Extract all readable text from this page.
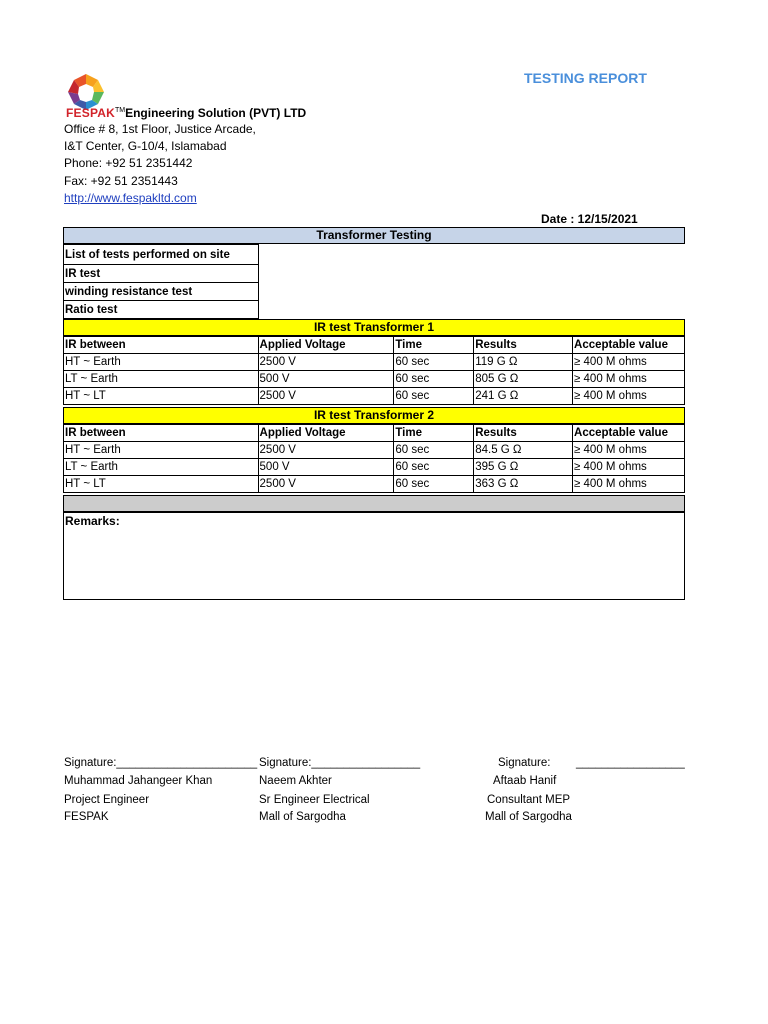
FESPAK™Engineering Solution (PVT) LTD
Office # 8, 1st Floor, Justice Arcade,
I&T Center, G-10/4, Islamabad
Phone: +92 51 2351442
Fax: +92 51 2351443
http://www.fespakltd.com
TESTING REPORT
Date : 12/15/2021
Transformer Testing
List of tests performed on site
IR test
winding resistance test
Ratio test
IR test Transformer 1
IR between	Applied Voltage	Time	Results	Acceptable value
HT ~ Earth	2500 V	60 sec	119 G Ω	≥ 400 M ohms
LT ~ Earth	500 V	60 sec	805 G Ω	≥ 400 M ohms
HT ~ LT	2500 V	60 sec	241 G Ω	≥ 400 M ohms
IR test Transformer 2
IR between	Applied Voltage	Time	Results	Acceptable value
HT ~ Earth	2500 V	60 sec	84.5 G Ω	≥ 400 M ohms
LT ~ Earth	500 V	60 sec	395 G Ω	≥ 400 M ohms
HT ~ LT	2500 V	60 sec	363 G Ω	≥ 400 M ohms
Remarks:
Signature:______________________
Muhammad Jahangeer Khan
Project Engineer
FESPAK
Signature:_________________
Naeem Akhter
Sr Engineer Electrical
Mall of Sargodha
Signature: _________________
Aftaab Hanif
Consultant MEP
Mall of Sargodha
